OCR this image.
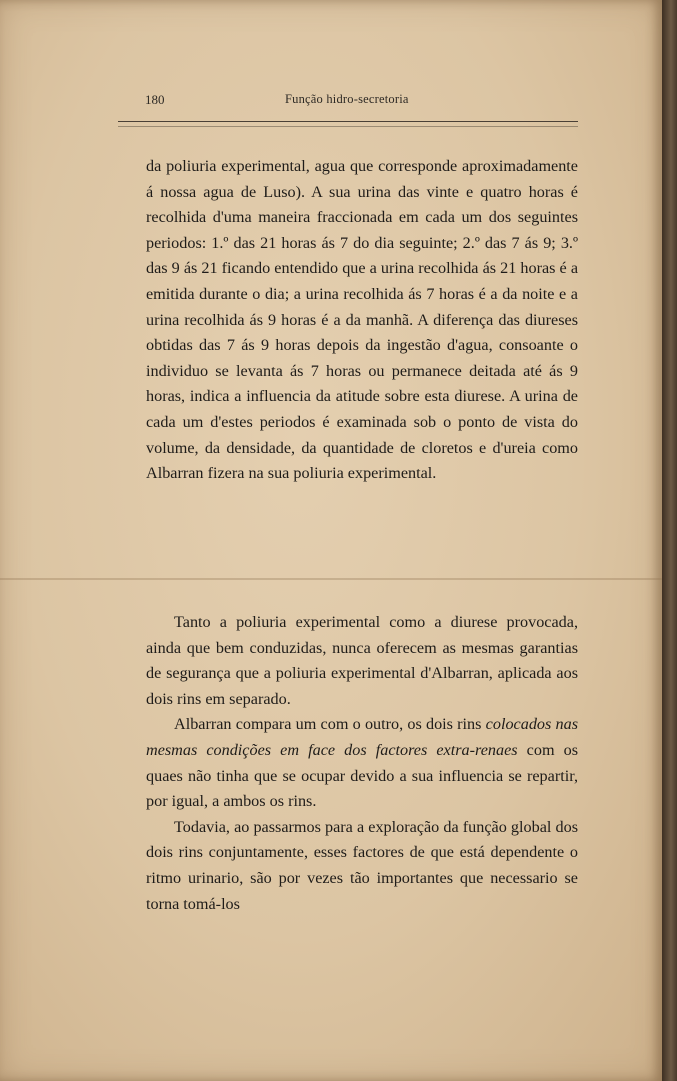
180	Função hidro-secretoria

da poliuria experimental, agua que corresponde aproximadamente á nossa agua de Luso). A sua urina das vinte e quatro horas é recolhida d'uma maneira fraccionada em cada um dos seguintes periodos: 1.º das 21 horas ás 7 do dia seguinte; 2.º das 7 ás 9; 3.º das 9 ás 21 ficando entendido que a urina recolhida ás 21 horas é a emitida durante o dia; a urina recolhida ás 7 horas é a da noite e a urina recolhida ás 9 horas é a da manhã. A diferença das diureses obtidas das 7 ás 9 horas depois da ingestão d'agua, consoante o individuo se levanta ás 7 horas ou permanece deitada até ás 9 horas, indica a influencia da atitude sobre esta diurese. A urina de cada um d'estes periodos é examinada sob o ponto de vista do volume, da densidade, da quantidade de cloretos e d'ureia como Albarran fizera na sua poliuria experimental.

Tanto a poliuria experimental como a diurese provocada, ainda que bem conduzidas, nunca oferecem as mesmas garantias de segurança que a poliuria experimental d'Albarran, aplicada aos dois rins em separado.

Albarran compara um com o outro, os dois rins colocados nas mesmas condições em face dos factores extra-renaes com os quaes não tinha que se ocupar devido a sua influencia se repartir, por igual, a ambos os rins.

Todavia, ao passarmos para a exploração da função global dos dois rins conjuntamente, esses factores de que está dependente o ritmo urinario, são por vezes tão importantes que necessario se torna tomá-los
